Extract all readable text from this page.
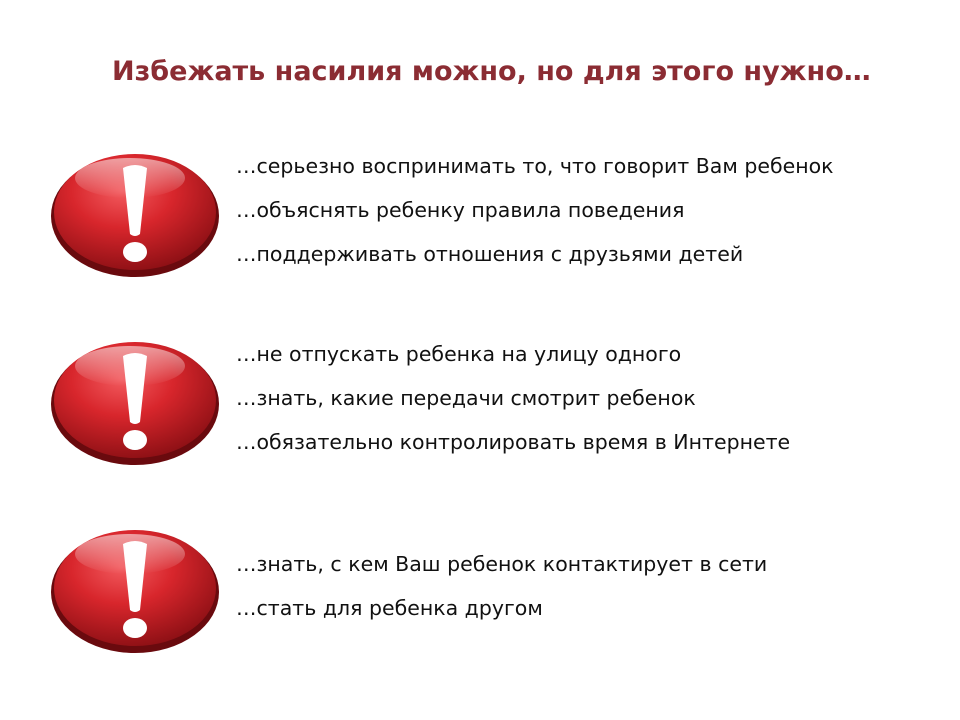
Избежать насилия можно, но для этого нужно…
…серьезно воспринимать то, что говорит Вам ребенок
…объяснять ребенку правила поведения
…поддерживать отношения с друзьями детей
…не отпускать ребенка на улицу одного
…знать, какие передачи смотрит ребенок
…обязательно контролировать время в Интернете
…знать, с кем Ваш ребенок контактирует в сети
…стать для ребенка другом
